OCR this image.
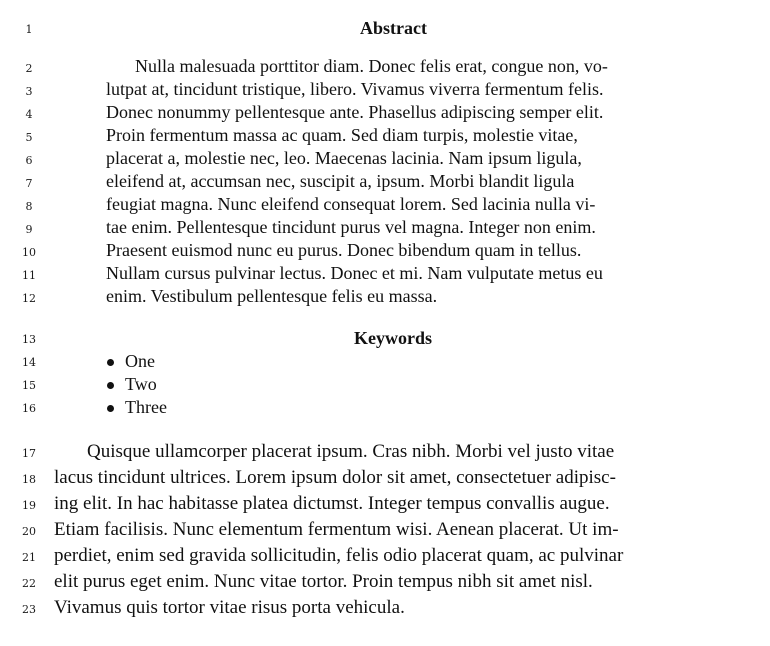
1
2
3
4
5
6
7
8
9
10
11
12
13
14
15
16
17
18
19
20
21
22
23
Abstract
Nulla malesuada porttitor diam. Donec felis erat, congue non, vo-
lutpat at, tincidunt tristique, libero. Vivamus viverra fermentum felis.
Donec nonummy pellentesque ante. Phasellus adipiscing semper elit.
Proin fermentum massa ac quam. Sed diam turpis, molestie vitae,
placerat a, molestie nec, leo. Maecenas lacinia. Nam ipsum ligula,
eleifend at, accumsan nec, suscipit a, ipsum. Morbi blandit ligula
feugiat magna. Nunc eleifend consequat lorem. Sed lacinia nulla vi-
tae enim. Pellentesque tincidunt purus vel magna. Integer non enim.
Praesent euismod nunc eu purus. Donec bibendum quam in tellus.
Nullam cursus pulvinar lectus. Donec et mi. Nam vulputate metus eu
enim. Vestibulum pellentesque felis eu massa.
Keywords
One
Two
Three
Quisque ullamcorper placerat ipsum. Cras nibh. Morbi vel justo vitae
lacus tincidunt ultrices. Lorem ipsum dolor sit amet, consectetuer adipisc-
ing elit. In hac habitasse platea dictumst. Integer tempus convallis augue.
Etiam facilisis. Nunc elementum fermentum wisi. Aenean placerat. Ut im-
perdiet, enim sed gravida sollicitudin, felis odio placerat quam, ac pulvinar
elit purus eget enim. Nunc vitae tortor. Proin tempus nibh sit amet nisl.
Vivamus quis tortor vitae risus porta vehicula.
